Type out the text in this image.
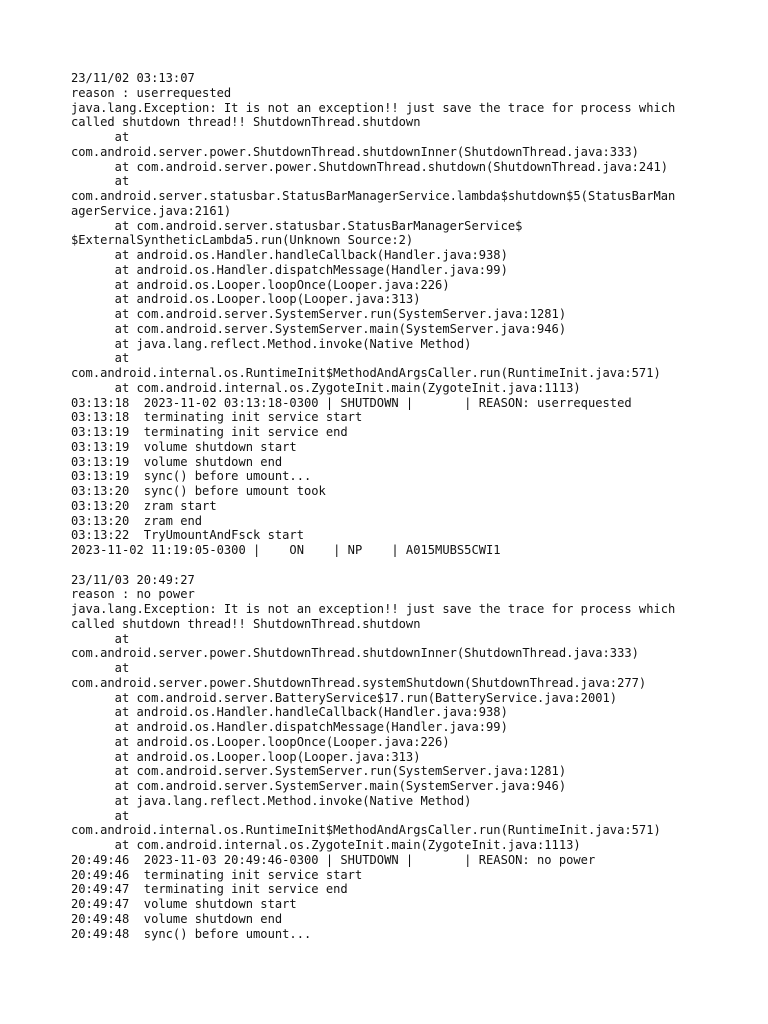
23/11/02 03:13:07
reason : userrequested
java.lang.Exception: It is not an exception!! just save the trace for process which
called shutdown thread!! ShutdownThread.shutdown
at
com.android.server.power.ShutdownThread.shutdownInner(ShutdownThread.java:333)
at com.android.server.power.ShutdownThread.shutdown(ShutdownThread.java:241)
at
com.android.server.statusbar.StatusBarManagerService.lambda$shutdown$5(StatusBarMan
agerService.java:2161)
at com.android.server.statusbar.StatusBarManagerService$
$ExternalSyntheticLambda5.run(Unknown Source:2)
at android.os.Handler.handleCallback(Handler.java:938)
at android.os.Handler.dispatchMessage(Handler.java:99)
at android.os.Looper.loopOnce(Looper.java:226)
at android.os.Looper.loop(Looper.java:313)
at com.android.server.SystemServer.run(SystemServer.java:1281)
at com.android.server.SystemServer.main(SystemServer.java:946)
at java.lang.reflect.Method.invoke(Native Method)
at
com.android.internal.os.RuntimeInit$MethodAndArgsCaller.run(RuntimeInit.java:571)
at com.android.internal.os.ZygoteInit.main(ZygoteInit.java:1113)
03:13:18  2023-11-02 03:13:18-0300 | SHUTDOWN |       | REASON: userrequested
03:13:18  terminating init service start
03:13:19  terminating init service end
03:13:19  volume shutdown start
03:13:19  volume shutdown end
03:13:19  sync() before umount...
03:13:20  sync() before umount took
03:13:20  zram start
03:13:20  zram end
03:13:22  TryUmountAndFsck start
2023-11-02 11:19:05-0300 |    ON    | NP    | A015MUBS5CWI1
23/11/03 20:49:27
reason : no power
java.lang.Exception: It is not an exception!! just save the trace for process which
called shutdown thread!! ShutdownThread.shutdown
at
com.android.server.power.ShutdownThread.shutdownInner(ShutdownThread.java:333)
at
com.android.server.power.ShutdownThread.systemShutdown(ShutdownThread.java:277)
at com.android.server.BatteryService$17.run(BatteryService.java:2001)
at android.os.Handler.handleCallback(Handler.java:938)
at android.os.Handler.dispatchMessage(Handler.java:99)
at android.os.Looper.loopOnce(Looper.java:226)
at android.os.Looper.loop(Looper.java:313)
at com.android.server.SystemServer.run(SystemServer.java:1281)
at com.android.server.SystemServer.main(SystemServer.java:946)
at java.lang.reflect.Method.invoke(Native Method)
at
com.android.internal.os.RuntimeInit$MethodAndArgsCaller.run(RuntimeInit.java:571)
at com.android.internal.os.ZygoteInit.main(ZygoteInit.java:1113)
20:49:46  2023-11-03 20:49:46-0300 | SHUTDOWN |       | REASON: no power
20:49:46  terminating init service start
20:49:47  terminating init service end
20:49:47  volume shutdown start
20:49:48  volume shutdown end
20:49:48  sync() before umount...
